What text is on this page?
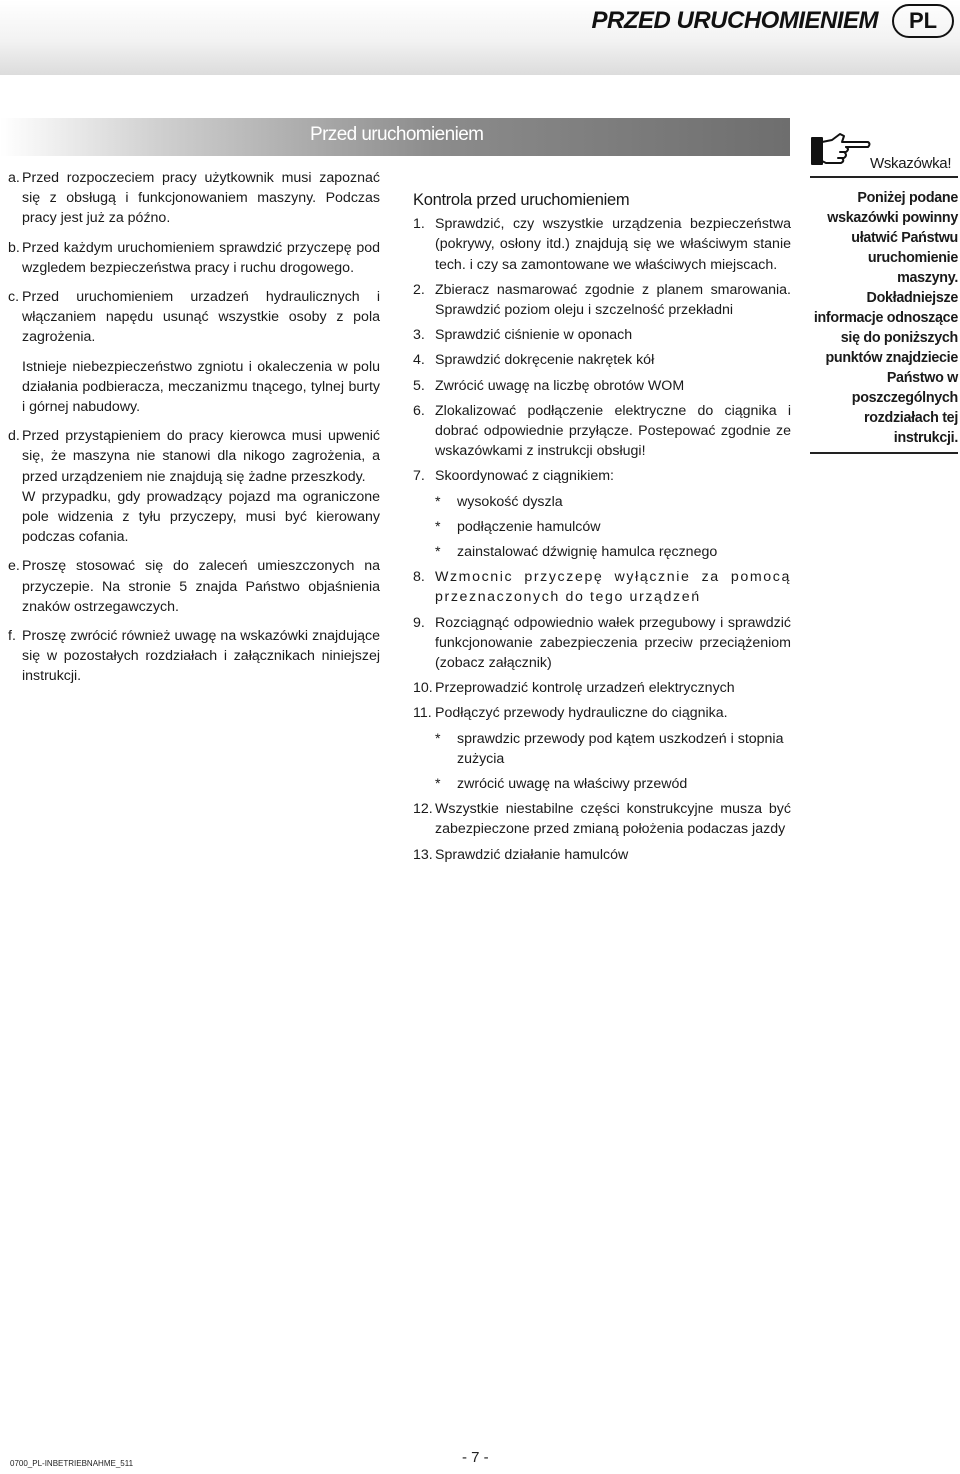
PRZED URUCHOMIENIEM	PL
Przed uruchomieniem
a. Przed rozpoczeciem pracy użytkownik musi zapoznać się z obsługą i funkcjonowaniem maszyny. Podczas pracy jest już za późno.
b. Przed każdym uruchomieniem sprawdzić przyczepę pod wzgledem bezpieczeństwa pracy i ruchu drogowego.
c. Przed uruchomieniem urzadzeń hydraulicznych i włączaniem napędu usunąć wszystkie osoby z pola zagrożenia.
Istnieje niebezpieczeństwo zgniotu i okaleczenia w polu działania podbieracza, meczanizmu tnącego, tylnej burty i górnej nabudowy.
d. Przed przystąpieniem do pracy kierowca musi upwenić się, że maszyna nie stanowi dla nikogo zagrożenia, a przed urządzeniem nie znajdują się żadne przeszkody.
W przypadku, gdy prowadzący pojazd ma ograniczone pole widzenia z tyłu przyczepy, musi być kierowany podczas cofania.
e. Proszę stosować się do zaleceń umieszczonych na przyczepie. Na stronie 5 znajda Państwo objaśnienia znaków ostrzegawczych.
f. Proszę zwrócić również uwagę na wskazówki znajdujące się w pozostałych rozdziałach i załącznikach niniejszej instrukcji.
Kontrola przed uruchomieniem
1. Sprawdzić, czy wszystkie urządzenia bezpieczeństwa (pokrywy, osłony itd.) znajdują się we właściwym stanie tech. i czy sa zamontowane we właściwych miejscach.
2. Zbieracz nasmarować zgodnie z planem smarowania. Sprawdzić poziom oleju i szczelność przekładni
3. Sprawdzić ciśnienie w oponach
4. Sprawdzić dokręcenie nakrętek kół
5. Zwrócić uwagę na liczbę obrotów WOM
6. Zlokalizować podłączenie elektryczne do ciągnika i dobrać odpowiednie przyłącze. Postepować zgodnie ze wskazówkami z instrukcji obsługi!
7. Skoordynować z ciągnikiem:
*	wysokość dyszla
*	podłączenie hamulców
*	zainstalować dźwignię hamulca ręcznego
8. Wzmocnic przyczepę wyłącznie za pomocą przeznaczonych do tego urządzeń
9. Rozciągnąć odpowiednio wałek przegubowy i sprawdzić funkcjonowanie zabezpieczenia przeciw przeciążeniom (zobacz załącznik)
10. Przeprowadzić kontrolę urzadzeń elektrycznych
11. Podłączyć przewody hydrauliczne do ciągnika.
*	sprawdzic przewody pod kątem uszkodzeń i stopnia zużycia
*	zwrócić uwagę na właściwy przewód
12. Wszystkie niestabilne części konstrukcyjne musza być zabezpieczone przed zmianą położenia podaczas jazdy
13. Sprawdzić działanie hamulców
Wskazówka!
Poniżej podane wskazówki powinny ułatwić Państwu uruchomienie maszyny. Dokładniejsze informacje odnoszące się do poniższych punktów znajdziecie Państwo w poszczególnych rozdziałach tej instrukcji.
0700_PL-INBETRIEBNAHME_511	- 7 -
